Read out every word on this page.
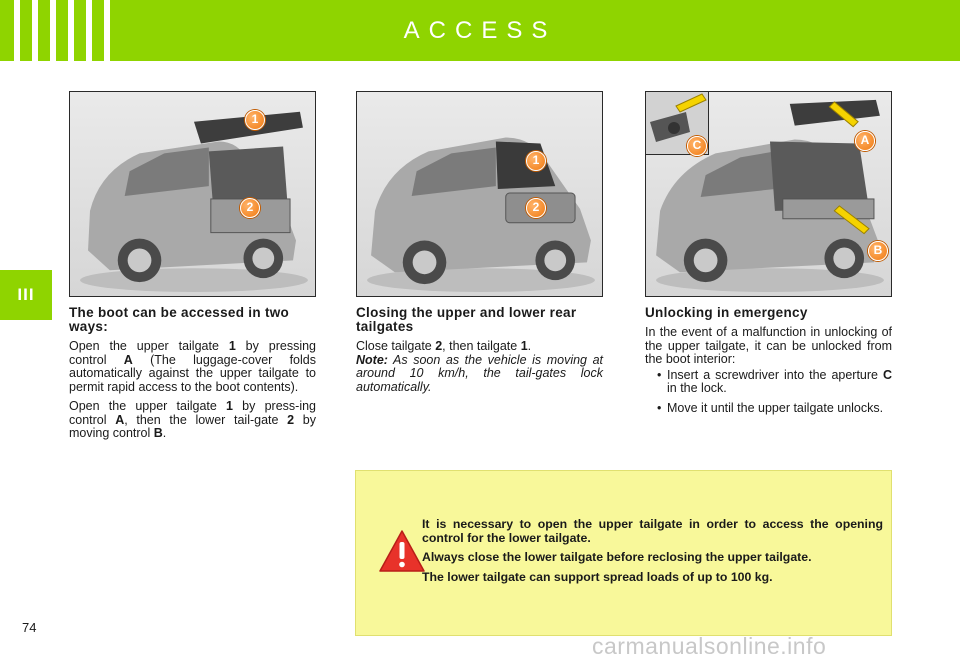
ACCESS
III
1
2
1
2
A
C
B
The boot can be accessed in two ways:

Open the upper tailgate 1 by pressing control A (The luggage-cover folds automatically against the upper tailgate to permit rapid access to the boot contents).

Open the upper tailgate 1 by press-ing control A, then the lower tail-gate 2 by moving control B.

Closing the upper and lower rear tailgates

Close tailgate 2, then tailgate 1.

Note: As soon as the vehicle is moving at around 10 km/h, the tail-gates lock automatically.

Unlocking in emergency

In the event of a malfunction in unlocking of the upper tailgate, it can be unlocked from the boot interior:

• Insert a screwdriver into the aperture C in the lock.
• Move it until the upper tailgate unlocks.

It is necessary to open the upper tailgate in order to access the opening control for the lower tailgate.

Always close the lower tailgate before reclosing the upper tailgate.

The lower tailgate can support spread loads of up to 100 kg.

74
carmanualsonline.info
